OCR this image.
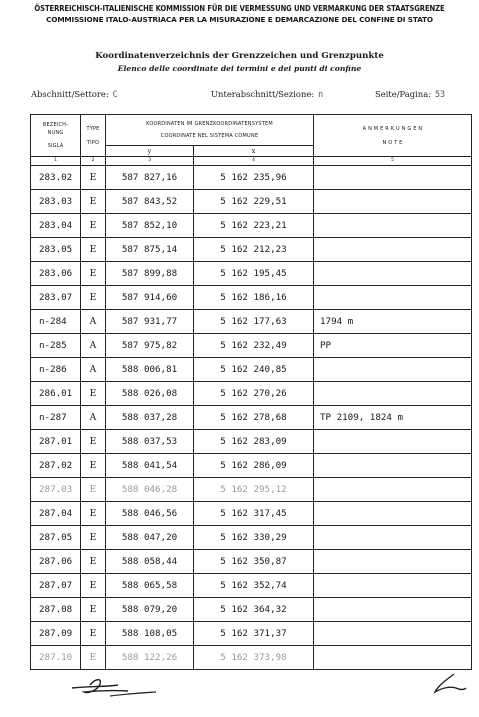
ÖSTERREICHISCH-ITALIENISCHE KOMMISSION FÜR DIE VERMESSUNG UND VERMARKUNG DER STAATSGRENZE
COMMISSIONE ITALO-AUSTRIACA PER LA MISURAZIONE E DEMARCAZIONE DEL CONFINE DI STATO
Koordinatenverzeichnis der Grenzzeichen und Grenzpunkte
Elenco delle coordinate dei termini e dei punti di confine
Abschnitt/Settore: C	Unterabschnitt/Sezione: n	Seite/Pagina: 53
BEZEICH-
NUNG
SIGLA	TYPE
TIPO	KOORDINATEN IM GRENZKOORDINATENSYSTEM
COORDINATE NEL SISTEMA COMUNE		A N M E R K U N G E N
N O T E

		y	x	
1	2	3	4	5
283.02	E	587 827,16	5 162 235,96	
283.03	E	587 843,52	5 162 229,51	
283.04	E	587 852,10	5 162 223,21	
283.05	E	587 875,14	5 162 212,23	
283.06	E	587 899,88	5 162 195,45	
283.07	E	587 914,60	5 162 186,16	
n-284	A	587 931,77	5 162 177,63	1794 m
n-285	A	587 975,82	5 162 232,49	PP
n-286	A	588 006,81	5 162 240,85	
286.01	E	588 026,08	5 162 270,26	
n-287	A	588 037,28	5 162 278,68	TP 2109, 1824 m
287.01	E	588 037,53	5 162 283,09	
287.02	E	588 041,54	5 162 286,09	
287.03	E	588 046,28	5 162 295,12	
287.04	E	588 046,56	5 162 317,45	
287.05	E	588 047,20	5 162 330,29	
287.06	E	588 058,44	5 162 350,87	
287.07	E	588 065,58	5 162 352,74	
287.08	E	588 079,20	5 162 364,32	
287.09	E	588 108,05	5 162 371,37	
287.10	E	588 122,26	5 162 373,98	
